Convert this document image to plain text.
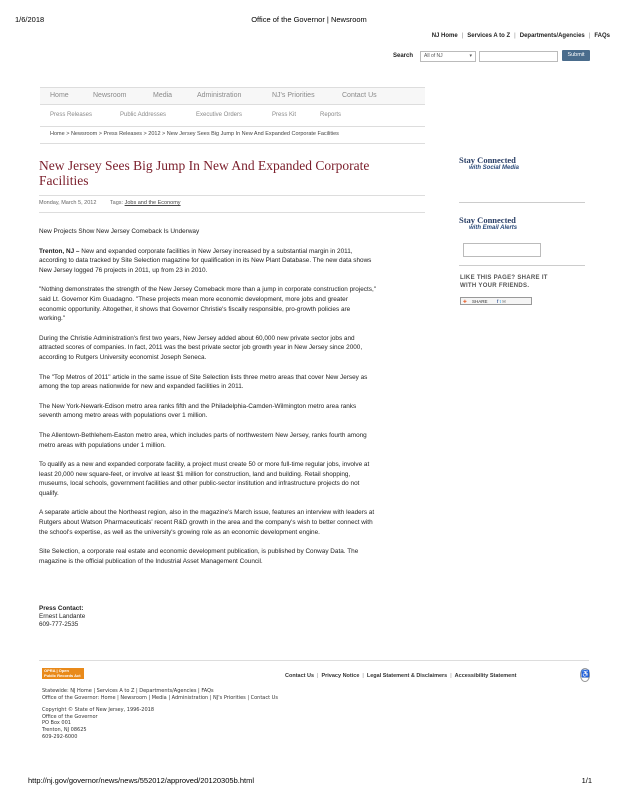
1/6/2018	Office of the Governor | Newsroom
NJ Home | Services A to Z | Departments/Agencies | FAQs
Search	All of NJ	▾	Submit
Home	Newsroom	Media	Administration	NJ's Priorities	Contact Us
Press Releases	Public Addresses	Executive Orders	Press Kit	Reports
Home > Newsroom > Press Releases > 2012 > New Jersey Sees Big Jump In New And Expanded Corporate Facilities
New Jersey Sees Big Jump In New And Expanded Corporate
Facilities
Monday, March 5, 2012 Tags: Jobs and the Economy
New Projects Show New Jersey Comeback Is Underway
Trenton, NJ – New and expanded corporate facilities in New Jersey increased by a substantial margin in 2011,
according to data tracked by Site Selection magazine for qualification in its New Plant Database. The new data shows
New Jersey logged 76 projects in 2011, up from 23 in 2010.
"Nothing demonstrates the strength of the New Jersey Comeback more than a jump in corporate construction projects,"
said Lt. Governor Kim Guadagno. "These projects mean more economic development, more jobs and greater
economic opportunity. Altogether, it shows that Governor Christie's fiscally responsible, pro-growth policies are
working."
During the Christie Administration's first two years, New Jersey added about 60,000 new private sector jobs and
attracted scores of companies. In fact, 2011 was the best private sector job growth year in New Jersey since 2000,
according to Rutgers University economist Joseph Seneca.
The "Top Metros of 2011" article in the same issue of Site Selection lists three metro areas that cover New Jersey as
among the top areas nationwide for new and expanded facilities in 2011.
The New York-Newark-Edison metro area ranks fifth and the Philadelphia-Camden-Wilmington metro area ranks
seventh among metro areas with populations over 1 million.
The Allentown-Bethlehem-Easton metro area, which includes parts of northwestern New Jersey, ranks fourth among
metro areas with populations under 1 million.
To qualify as a new and expanded corporate facility, a project must create 50 or more full-time regular jobs, involve at
least 20,000 new square-feet, or involve at least $1 million for construction, land and building. Retail shopping,
museums, local schools, government facilities and other public-sector institution and infrastructure projects do not
qualify.
A separate article about the Northeast region, also in the magazine's March issue, features an interview with leaders at
Rutgers about Watson Pharmaceuticals' recent R&D growth in the area and the company's wish to better connect with
the school's expertise, as well as the university's growing role as an economic development engine.
Site Selection, a corporate real estate and economic development publication, is published by Conway Data. The
magazine is the official publication of the Industrial Asset Management Council.
Press Contact:
Ernest Landante
609-777-2535
Stay Connected
with Social Media
Stay Connected
with Email Alerts
LIKE THIS PAGE? SHARE IT
WITH YOUR FRIENDS.
✚ SHARE f t ✉
OPRA | Open
Public Records Act	Contact Us | Privacy Notice | Legal Statement & Disclaimers | Accessibility Statement	♿
Statewide: NJ Home | Services A to Z | Departments/Agencies | FAQs
Office of the Governor: Home | Newsroom | Media | Administration | NJ's Priorities | Contact Us
Copyright © State of New Jersey, 1996-2018
Office of the Governor
PO Box 001
Trenton, NJ 08625
609-292-6000
http://nj.gov/governor/news/news/552012/approved/20120305b.html	1/1
